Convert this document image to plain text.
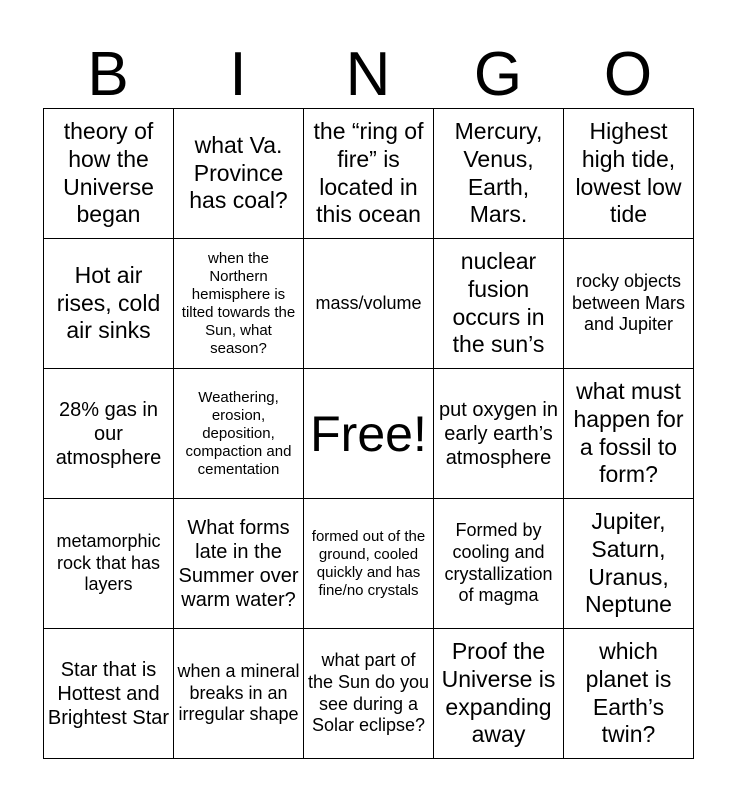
B	I	N	G	O
theory of how the Universe began	what Va. Province has coal?	the “ring of fire” is located in this ocean	Mercury, Venus, Earth, Mars.	Highest high tide, lowest low tide
Hot air rises, cold air sinks	when the Northern hemisphere is tilted towards the Sun, what season?	mass/volume	nuclear fusion occurs in the sun’s	rocky objects between Mars and Jupiter
28% gas in our atmosphere	Weathering, erosion, deposition, compaction and cementation	Free!	put oxygen in early earth’s atmosphere	what must happen for a fossil to form?
metamorphic rock that has layers	What forms late in the Summer over warm water?	formed out of the ground, cooled quickly and has fine/no crystals	Formed by cooling and crystallization of magma	Jupiter, Saturn, Uranus, Neptune
Star that is Hottest and Brightest Star	when a mineral breaks in an irregular shape	what part of the Sun do you see during a Solar eclipse?	Proof the Universe is expanding away	which planet is Earth’s twin?
